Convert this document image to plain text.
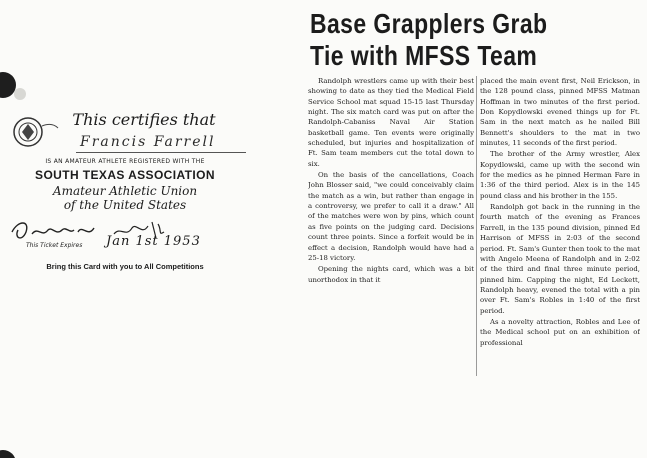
This certifies that
Francis Farrell
IS AN AMATEUR ATHLETE REGISTERED WITH THE
SOUTH TEXAS ASSOCIATION
Amateur Athletic Union
of the United States
This Ticket Expires Jan 1st 1953
Bring this Card with you to All Competitions
Base Grapplers Grab
Tie with MFSS Team

Randolph wrestlers came up with their best showing to date as they tied the Medical Field Service School mat squad 15-15 last Thursday night. The six match card was put on after the Randolph-Cabaniss Naval Air Station basketball game. Ten events were originally scheduled, but injuries and hospitalization of Ft. Sam team members cut the total down to six.

On the basis of the cancellations, Coach John Blosser said, "we could conceivably claim the match as a win, but rather than engage in a controversy, we prefer to call it a draw." All of the matches were won by pins, which count as five points on the judging card. Decisions count three points. Since a forfeit would be in effect a decision, Randolph would have had a 25-18 victory.

Opening the nights card, which was a bit unorthodox in that it

placed the main event first, Neil Erickson, in the 128 pound class, pinned MFSS Matman Hoffman in two minutes of the first period. Don Kopydlowski evened things up for Ft. Sam in the next match as he nailed Bill Bennett's shoulders to the mat in two minutes, 11 seconds of the first period.

The brother of the Army wrestler, Alex Kopydlowski, came up with the second win for the medics as he pinned Herman Fare in 1:36 of the third period. Alex is in the 145 pound class and his brother in the 155.

Randolph got back in the running in the fourth match of the evening as Frances Farrell, in the 135 pound division, pinned Ed Harrison of MFSS in 2:03 of the second period. Ft. Sam's Gunter then took to the mat with Angelo Meena of Randolph and in 2:02 of the third and final three minute period, pinned him. Capping the night, Ed Leckett, Randolph heavy, evened the total with a pin over Ft. Sam's Robles in 1:40 of the first period.

As a novelty attraction, Robles and Lee of the Medical school put on an exhibition of professional
